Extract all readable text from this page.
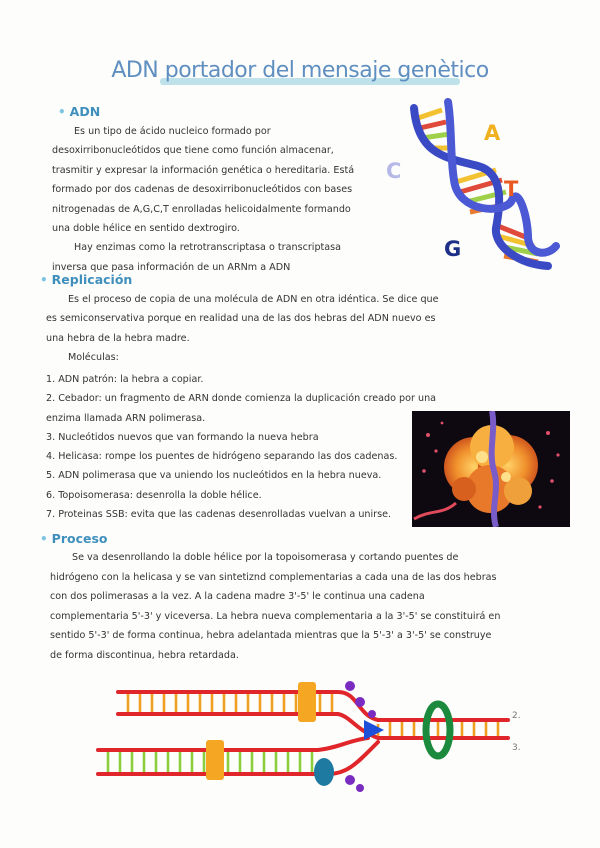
ADN portador del mensaje genètico
• ADN

Es un tipo de ácido nucleico formado por desoxirribonucleótidos que tiene como función almacenar, trasmitir y expresar la información genética o hereditaria. Está formado por dos cadenas de desoxirribonucleótidos con bases nitrogenadas de A,G,C,T enrolladas helicoidalmente formando una doble hélice en sentido dextrogiro.

Hay enzimas como la retrotranscriptasa o transcriptasa inversa que pasa información de un ARNm a ADN

A
C
T
G
• Replicación

Es el proceso de copia de una molécula de ADN en otra idéntica. Se dice que es semiconservativa porque en realidad una de las dos hebras del ADN nuevo es una hebra de la hebra madre.

Moléculas:

1. ADN patrón: la hebra a copiar.
2. Cebador: un fragmento de ARN donde comienza la duplicación creado por una
enzima llamada ARN polimerasa.
3. Nucleótidos nuevos que van formando la nueva hebra
4. Helicasa: rompe los puentes de hidrógeno separando las dos cadenas.
5. ADN polimerasa que va uniendo los nucleótidos en la hebra nueva.
6. Topoisomerasa: desenrolla la doble hélice.
7. Proteinas SSB: evita que las cadenas desenrolladas vuelvan a unirse.
• Proceso

Se va desenrollando la doble hélice por la topoisomerasa y cortando puentes de hidrógeno con la helicasa y se van sintetiznd complementarias a cada una de las dos hebras con dos polimerasas a la vez. A la cadena madre 3'-5' le continua una cadena complementaria 5'-3' y viceversa. La hebra nueva complementaria a la 3'-5' se constituirá en sentido 5'-3' de forma continua, hebra adelantada mientras que la 5'-3' a 3'-5' se construye de forma discontinua, hebra retardada.

2.
3.
